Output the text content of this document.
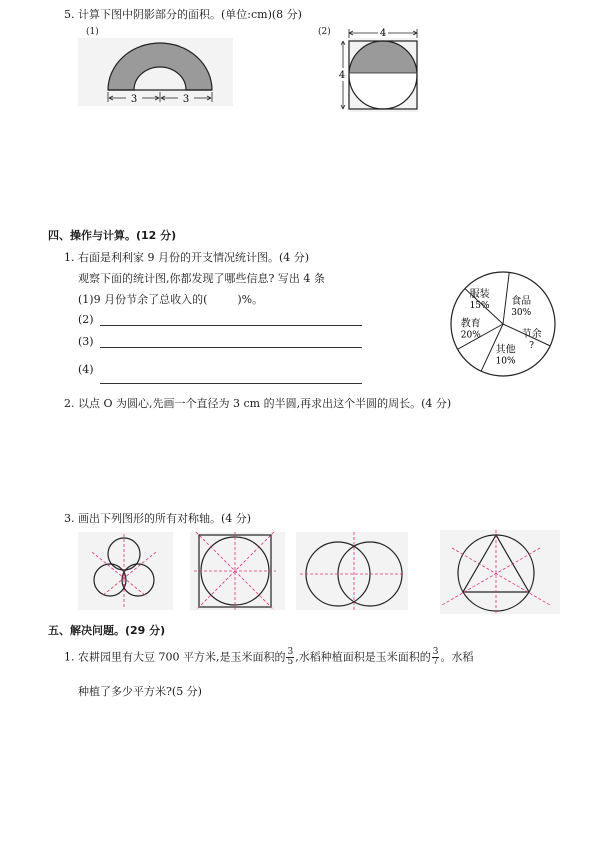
5. 计算下图中阴影部分的面积。(单位:cm)(8 分)
(1)
3	3
(2)	4
4
四、操作与计算。(12 分)
1. 右面是利利家 9 月份的开支情况统计图。(4 分)
观察下面的统计图,你都发现了哪些信息? 写出 4 条
(1)9 月份节余了总收入的(	)%。
(2)
(3)
(4)
服装
15% 食品
30%
节余
?
其他
10%
教育
20%
2. 以点 O 为圆心,先画一个直径为 3 cm 的半圆,再求出这个半圆的周长。(4 分)
3. 画出下列图形的所有对称轴。(4 分)
五、解决问题。(29 分)
1. 农耕园里有大豆 700 平方米,是玉米面积的 $\frac{3}{5}$ ,水稻种植面积是玉米面积的 $\frac{3}{7}$ 。水稻
种植了多少平方米?(5 分)
